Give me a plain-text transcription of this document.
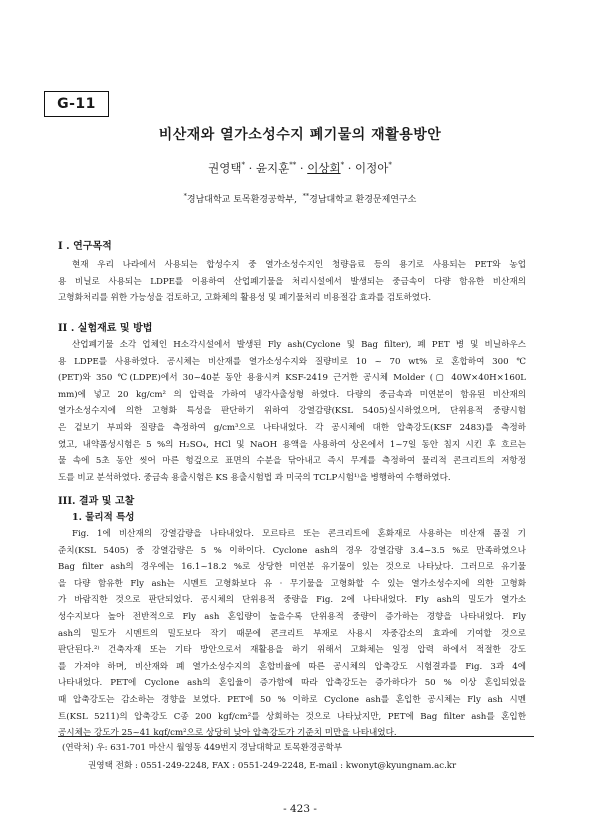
G-11
비산재와 열가소성수지 폐기물의 재활용방안
권영택* · 윤지훈** · 이상회* · 이정아*
*경남대학교 토목환경공학부, **경남대학교 환경문제연구소
I . 연구목적
현재 우리 나라에서 사용되는 합성수지 중 열가소성수지인 청량음료 등의 용기로 사용되는 PET와 농업
용 비닐로 사용되는 LDPE를 이용하여 산업폐기물을 처리시설에서 발생되는 중금속이 다량 함유한 비산재의
고형화처리를 위한 가능성을 검토하고, 고화체의 활용성 및 폐기물처리 비용절감 효과를 검토하였다.
II . 실험재료 및 방법
산업폐기물 소각 업체인 H소각시설에서 발생된 Fly ash(Cyclone 및 Bag filter), 폐 PET 병 및 비닐하우스
용 LDPE를 사용하였다. 공시체는 비산재를 열가소성수지와 질량비로 10 ~ 70 wt% 로 혼합하여 300 ℃
(PET)와 350 ℃(LDPE)에서 30~40분 동안 용융시켜 KSF-2419 근거한 공시체 Molder (▢ 40W×40H×160L
mm)에 넣고 20 kg/cm² 의 압력을 가하여 냉각사출성형 하였다. 다량의 중금속과 미연분이 함유된 비산재의
열가소성수지에 의한 고형화 특성을 판단하기 위하여 강열감량(KSL 5405)실시하였으며, 단위용적 중량시험
은 겉보기 부피와 질량을 측정하여 g/cm³으로 나타내었다. 각 공시체에 대한 압축강도(KSF 2483)를 측정하
였고, 내약품성시험은 5 %의 H₂SO₄, HCl 및 NaOH 용액을 사용하여 상온에서 1~7일 동안 침지 시킨 후 흐르는
물 속에 5초 동안 씻어 마른 헝겊으로 표면의 수분을 닦아내고 즉시 무게를 측정하여 물리적 콘크리트의 저항정
도를 비교 분석하였다. 중금속 용출시험은 KS 용출시험법 과 미국의 TCLP시험¹⁾을 병행하여 수행하였다.
III. 결과 및 고찰
1. 물리적 특성
Fig. 1에 비산재의 강열감량을 나타내었다. 모르타르 또는 콘크리트에 혼화재로 사용하는 비산재 품질 기
준치(KSL 5405) 중 강열감량은 5 % 이하이다. Cyclone ash의 경우 강열감량 3.4~3.5 %로 만족하였으나
Bag filter ash의 경우에는 16.1~18.2 %로 상당한 미연분 유기물이 있는 것으로 나타났다. 그러므로 유기물
을 다량 함유한 Fly ash는 시멘트 고형화보다 유 · 무기물을 고형화할 수 있는 열가소성수지에 의한 고형화
가 바람직한 것으로 판단되었다. 공시체의 단위용적 중량을 Fig. 2에 나타내었다. Fly ash의 밀도가 열가소
성수지보다 높아 전반적으로 Fly ash 혼입량이 높을수록 단위용적 중량이 증가하는 경향을 나타내었다. Fly
ash의 밀도가 시멘트의 밀도보다 작기 때문에 콘크리트 부재로 사용시 자중감소의 효과에 기여할 것으로
판단된다.²⁾ 건축자재 또는 기타 방안으로서 재활용을 하기 위해서 고화체는 일정 압력 하에서 적절한 강도
를 가져야 하며, 비산재와 폐 열가소성수지의 혼합비율에 따른 공시체의 압축강도 시험결과를 Fig. 3과 4에
나타내었다. PET에 Cyclone ash의 혼입율이 증가함에 따라 압축강도는 증가하다가 50 % 이상 혼입되었을
때 압축강도는 감소하는 경향을 보였다. PET에 50 % 이하로 Cyclone ash를 혼입한 공시체는 Fly ash 시멘
트(KSL 5211)의 압축강도 C종 200 kgf/cm²를 상회하는 것으로 나타났지만, PET에 Bag filter ash를 혼입한
공시체는 강도가 25~41 kgf/cm²으로 상당히 낮아 압축강도가 기준치 미만을 나타내었다.
(연락처) 우: 631-701 마산시 월영동 449번지 경남대학교 토목환경공학부
권영택 전화 : 0551-249-2248, FAX : 0551-249-2248, E-mail : kwonyt@kyungnam.ac.kr
- 423 -
